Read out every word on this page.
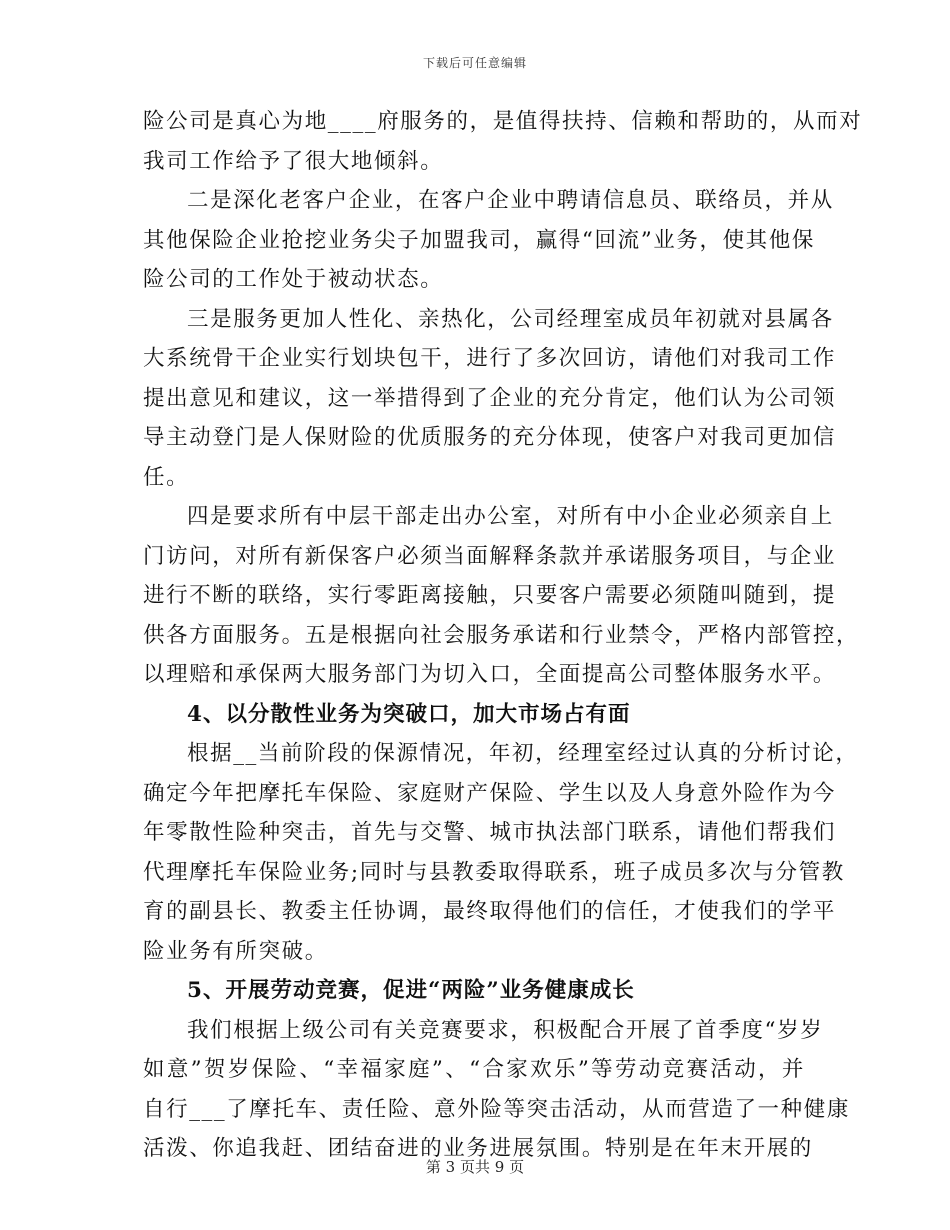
下载后可任意编辑
险公司是真心为地____府服务的，是值得扶持、信赖和帮助的，从而对
我司工作给予了很大地倾斜。
二是深化老客户企业，在客户企业中聘请信息员、联络员，并从
其他保险企业抢挖业务尖子加盟我司，赢得“回流”业务，使其他保
险公司的工作处于被动状态。
三是服务更加人性化、亲热化，公司经理室成员年初就对县属各
大系统骨干企业实行划块包干，进行了多次回访，请他们对我司工作
提出意见和建议，这一举措得到了企业的充分肯定，他们认为公司领
导主动登门是人保财险的优质服务的充分体现，使客户对我司更加信
任。
四是要求所有中层干部走出办公室，对所有中小企业必须亲自上
门访问，对所有新保客户必须当面解释条款并承诺服务项目，与企业
进行不断的联络，实行零距离接触，只要客户需要必须随叫随到，提
供各方面服务。五是根据向社会服务承诺和行业禁令，严格内部管控，
以理赔和承保两大服务部门为切入口，全面提高公司整体服务水平。
4、以分散性业务为突破口，加大市场占有面
根据__当前阶段的保源情况，年初，经理室经过认真的分析讨论，
确定今年把摩托车保险、家庭财产保险、学生以及人身意外险作为今
年零散性险种突击，首先与交警、城市执法部门联系，请他们帮我们
代理摩托车保险业务;同时与县教委取得联系，班子成员多次与分管教
育的副县长、教委主任协调，最终取得他们的信任，才使我们的学平
险业务有所突破。
5、开展劳动竞赛，促进“两险”业务健康成长
我们根据上级公司有关竞赛要求，积极配合开展了首季度“岁岁
如意”贺岁保险、“幸福家庭”、“合家欢乐”等劳动竞赛活动，并
自行___了摩托车、责任险、意外险等突击活动，从而营造了一种健康
活泼、你追我赶、团结奋进的业务进展氛围。特别是在年末开展的
第 3 页共 9 页
